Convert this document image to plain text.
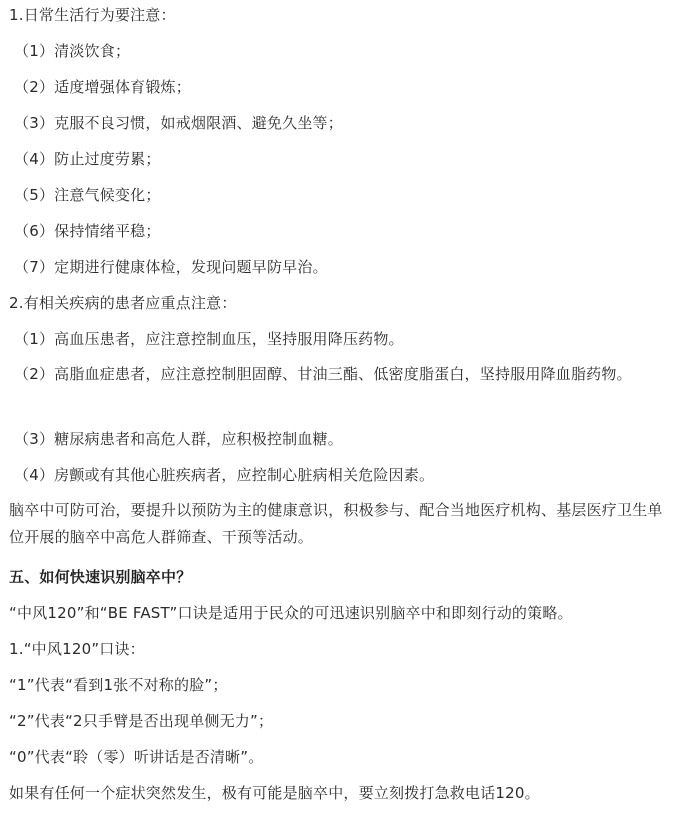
1.日常生活行为要注意：
（1）清淡饮食；
（2）适度增强体育锻炼；
（3）克服不良习惯，如戒烟限酒、避免久坐等；
（4）防止过度劳累；
（5）注意气候变化；
（6）保持情绪平稳；
（7）定期进行健康体检，发现问题早防早治。
2.有相关疾病的患者应重点注意：
（1）高血压患者，应注意控制血压，坚持服用降压药物。
（2）高脂血症患者，应注意控制胆固醇、甘油三酯、低密度脂蛋白，坚持服用降血脂药物。
（3）糖尿病患者和高危人群，应积极控制血糖。
（4）房颤或有其他心脏疾病者，应控制心脏病相关危险因素。
脑卒中可防可治，要提升以预防为主的健康意识，积极参与、配合当地医疗机构、基层医疗卫生单位开展的脑卒中高危人群筛查、干预等活动。
五、如何快速识别脑卒中？
“中风120”和“BE FAST”口诀是适用于民众的可迅速识别脑卒中和即刻行动的策略。
1.“中风120”口诀：
“1”代表“看到1张不对称的脸”；
“2”代表“2只手臂是否出现单侧无力”；
“0”代表“聆（零）听讲话是否清晰”。
如果有任何一个症状突然发生，极有可能是脑卒中，要立刻拨打急救电话120。
